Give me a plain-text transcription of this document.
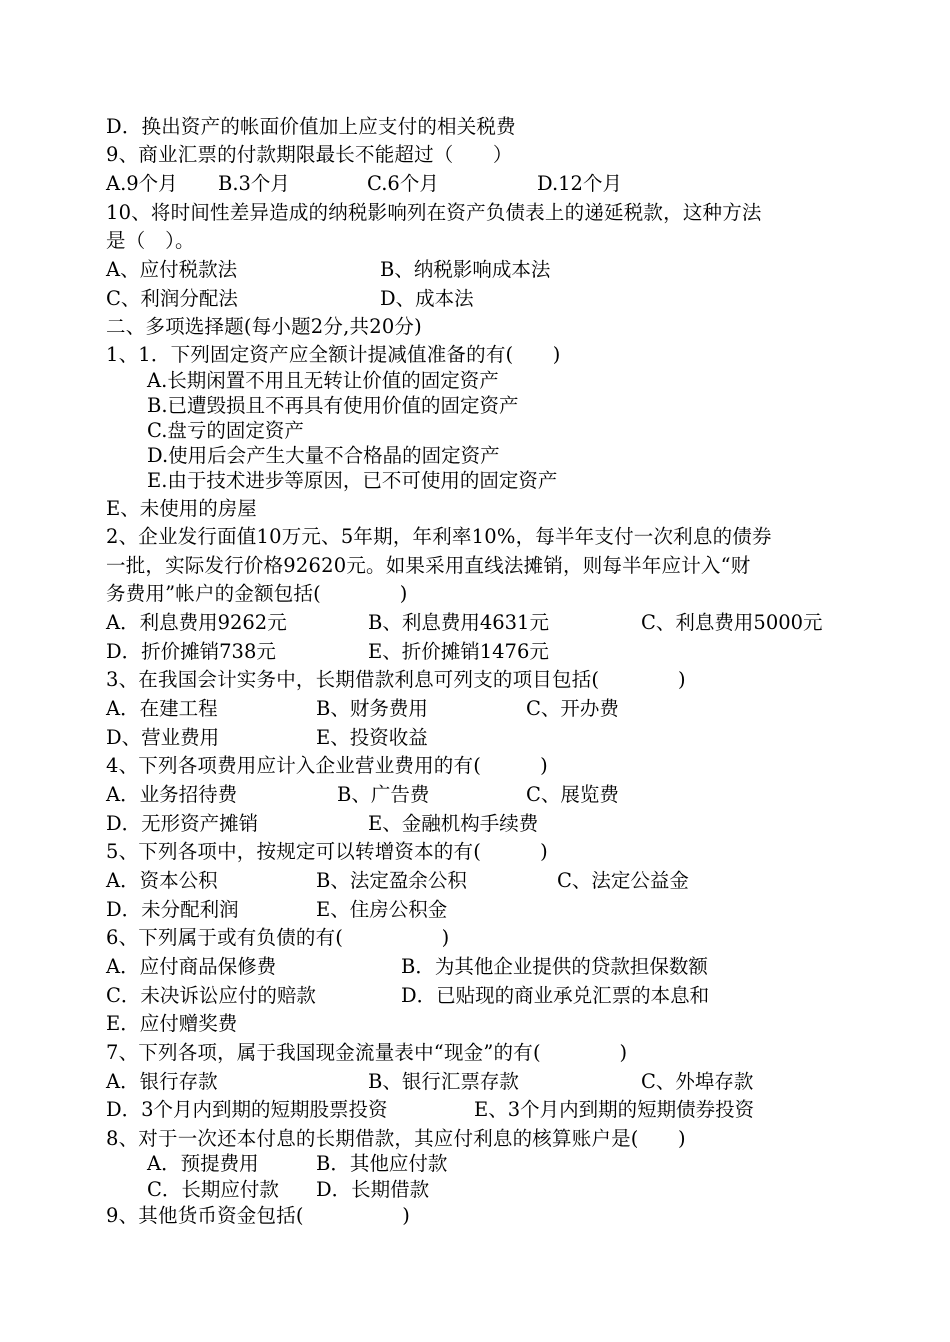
D．换出资产的帐面价值加上应支付的相关税费
9、商业汇票的付款期限最长不能超过（　　）
A.9个月 B.3个月	C.6个月	D.12个月
10、将时间性差异造成的纳税影响列在资产负债表上的递延税款，这种方法
是（　）。
A、应付税款法	B、纳税影响成本法
C、利润分配法	D、成本法
二、多项选择题(每小题2分,共20分)
1、1．下列固定资产应全额计提减值准备的有(　　)
A.长期闲置不用且无转让价值的固定资产
B.已遭毁损且不再具有使用价值的固定资产
C.盘亏的固定资产
D.使用后会产生大量不合格晶的固定资产
E.由于技术进步等原因，已不可使用的固定资产
E、未使用的房屋
2、企业发行面值10万元、5年期，年利率10%，每半年支付一次利息的债券
一批，实际发行价格92620元。如果采用直线法摊销，则每半年应计入“财
务费用”帐户的金额包括(　　　　)
A．利息费用9262元	B、利息费用4631元	C、利息费用5000元
D．折价摊销738元	E、折价摊销1476元
3、在我国会计实务中，长期借款利息可列支的项目包括(　　　　)
A．在建工程	B、财务费用	C、开办费
D、营业费用	E、投资收益
4、下列各项费用应计入企业营业费用的有(　　　)
A．业务招待费	B、广告费	C、展览费
D．无形资产摊销	E、金融机构手续费
5、下列各项中，按规定可以转增资本的有(　　　)
A．资本公积	B、法定盈余公积	C、法定公益金
D．未分配利润	E、住房公积金
6、下列属于或有负债的有(　　　　　)
A．应付商品保修费	B．为其他企业提供的贷款担保数额
C．未决诉讼应付的赔款	D．已贴现的商业承兑汇票的本息和
E．应付赠奖费
7、下列各项，属于我国现金流量表中“现金”的有(　　　　)
A．银行存款	B、银行汇票存款	C、外埠存款
D．3个月内到期的短期股票投资	E、3个月内到期的短期债券投资
8、对于一次还本付息的长期借款，其应付利息的核算账户是(　　)
A．预提费用	B．其他应付款
C．长期应付款 D．长期借款
9、其他货币资金包括(　　　　　)
